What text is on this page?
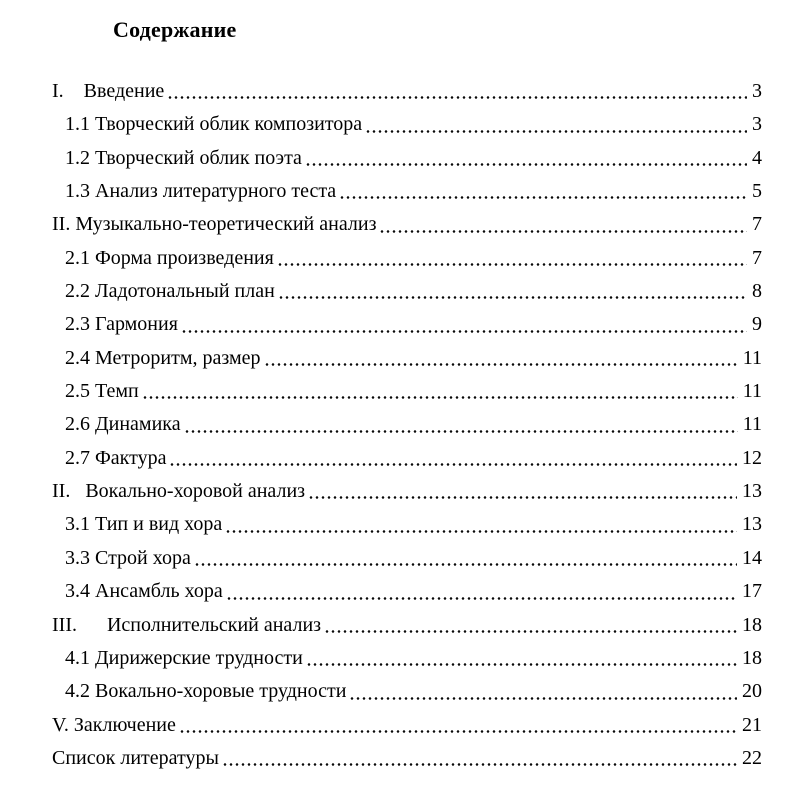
Содержание
I.    Введение	3
1.1 Творческий облик композитора	3
1.2 Творческий облик поэта	4
1.3 Анализ литературного теста	5
II. Музыкально-теоретический анализ	7
2.1 Форма произведения	7
2.2 Ладотональный план	8
2.3 Гармония	9
2.4 Метроритм, размер	11
2.5 Темп	11
2.6 Динамика	11
2.7 Фактура	12
II.   Вокально-хоровой анализ	13
3.1 Тип и вид хора	13
3.3 Строй хора	14
3.4 Ансамбль хора	17
III.      Исполнительский анализ	18
4.1 Дирижерские трудности	18
4.2 Вокально-хоровые трудности	20
V. Заключение	21
Список литературы	22
